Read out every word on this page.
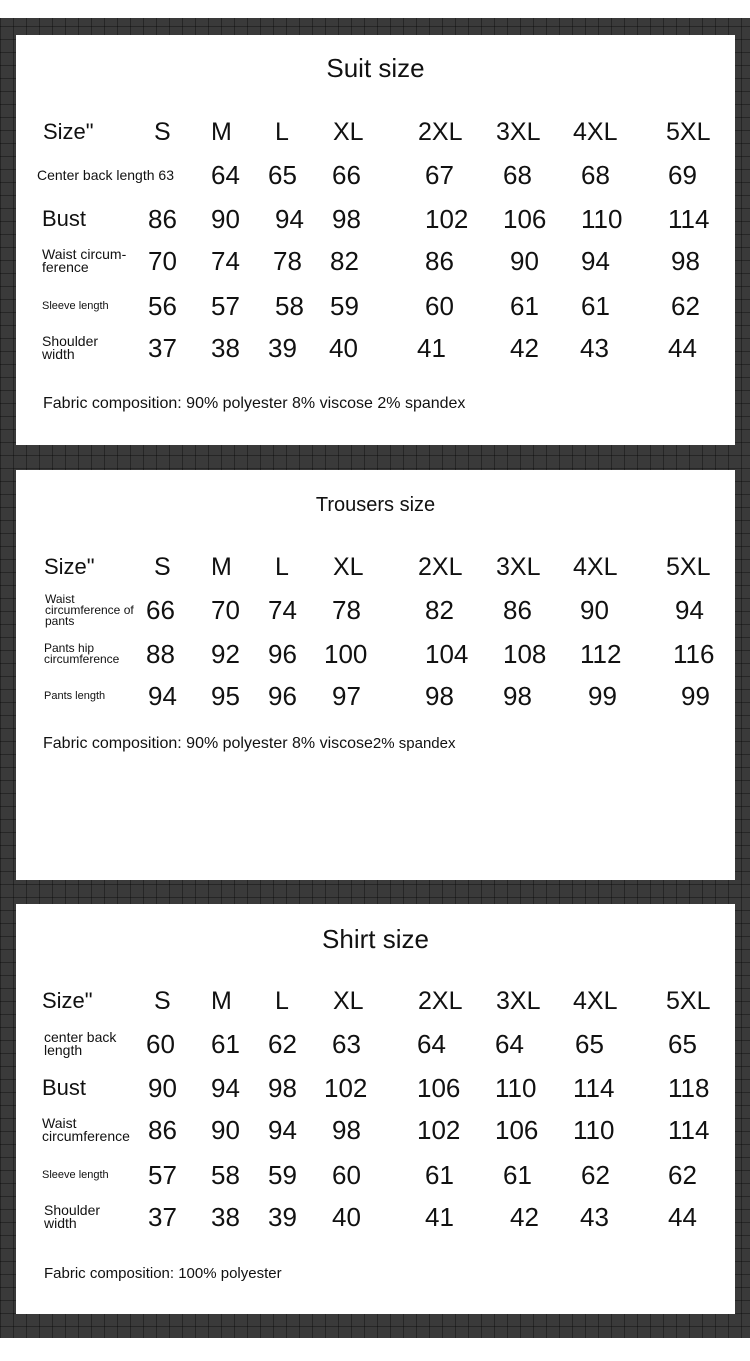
Suit size
Size" S M L XL 2XL 3XL 4XL 5XL
Center back length 63 64 65 66 67 68 68 69
Bust 86 90 94 98 102 106 110 114
Waist circumference	70 74 78 82	86 90 94 98
Sleeve length 56 57 58 59	60 61 61 62
Shoulder width	37 38 39 40 41 42 43 44
Fabric composition: 90% polyester 8% viscose 2% spandex
Trousers size
Size" S M L XL 2XL 3XL 4XL 5XL
Waist circumference of pants	66 70 74 78 82 86 90	94
Pants hip circumference	88 92 96 100 104 108 112 116
Pants length 94 95 96 97 98 98 99 99
Fabric composition: 90% polyester 8% viscose2% spandex
Shirt size
Size" S M L XL 2XL 3XL 4XL 5XL
center back length	60 61 62 63 64 64 65 65
Bust 90 94 98 102 106 110 114 118
Waist circumference 86 90 94 98 102 106 110 114
Sleeve length 57 58 59 60 61 61 62 62
Shoulder width	37 38 39 40 41 42 43 44
Fabric composition: 100% polyester
